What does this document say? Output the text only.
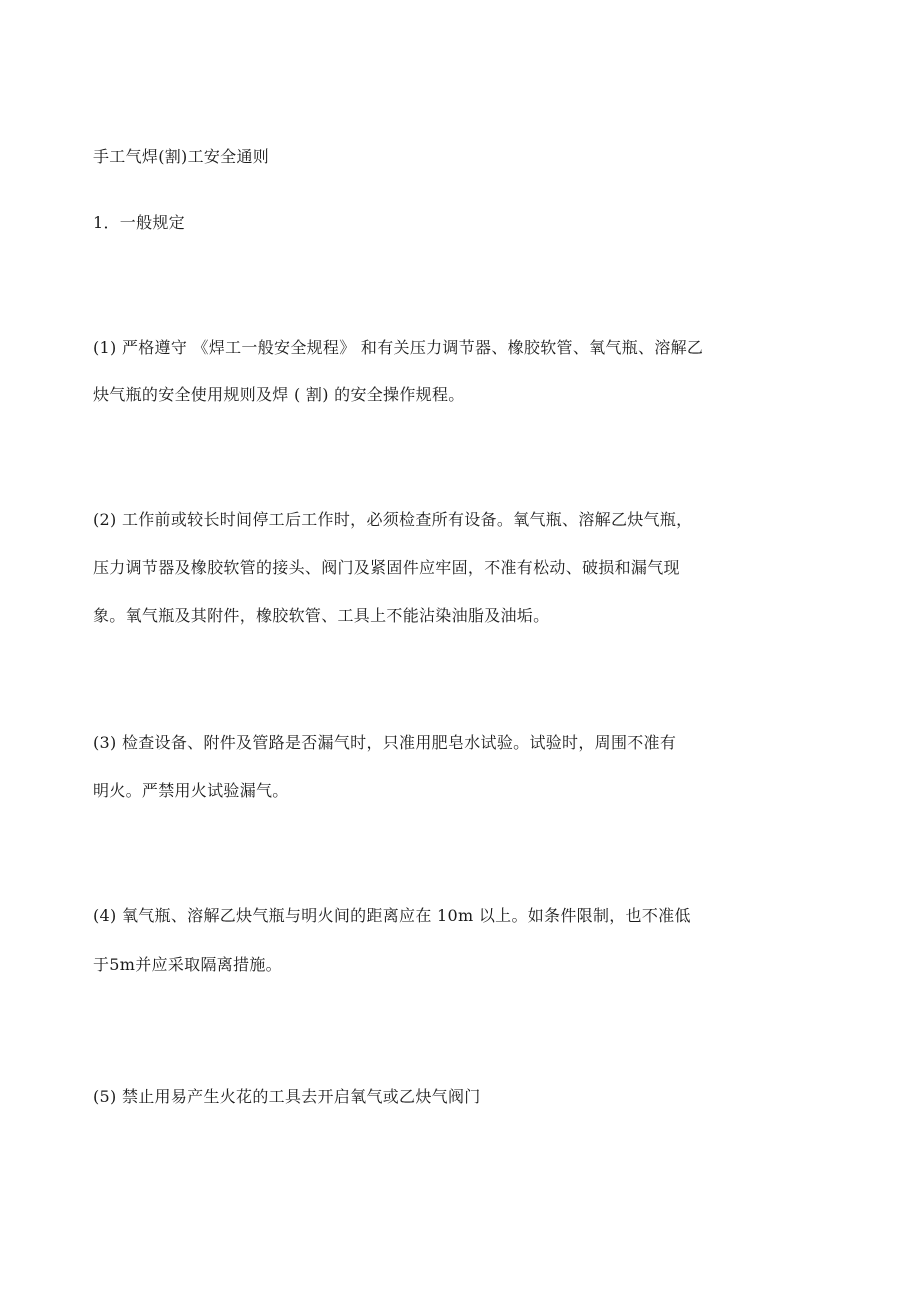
手工气焊(割)工安全通则
1．一般规定
(1) 严格遵守 《焊工一般安全规程》 和有关压力调节器、橡胶软管、氧气瓶、溶解乙
炔气瓶的安全使用规则及焊 ( 割) 的安全操作规程。
(2) 工作前或较长时间停工后工作时，必须检查所有设备。氧气瓶、溶解乙炔气瓶，
压力调节器及橡胶软管的接头、阀门及紧固件应牢固，不准有松动、破损和漏气现
象。氧气瓶及其附件，橡胶软管、工具上不能沾染油脂及油垢。
(3) 检查设备、附件及管路是否漏气时，只准用肥皂水试验。试验时，周围不准有
明火。严禁用火试验漏气。
(4) 氧气瓶、溶解乙炔气瓶与明火间的距离应在 10m 以上。如条件限制，也不准低
于5m并应采取隔离措施。
(5) 禁止用易产生火花的工具去开启氧气或乙炔气阀门
